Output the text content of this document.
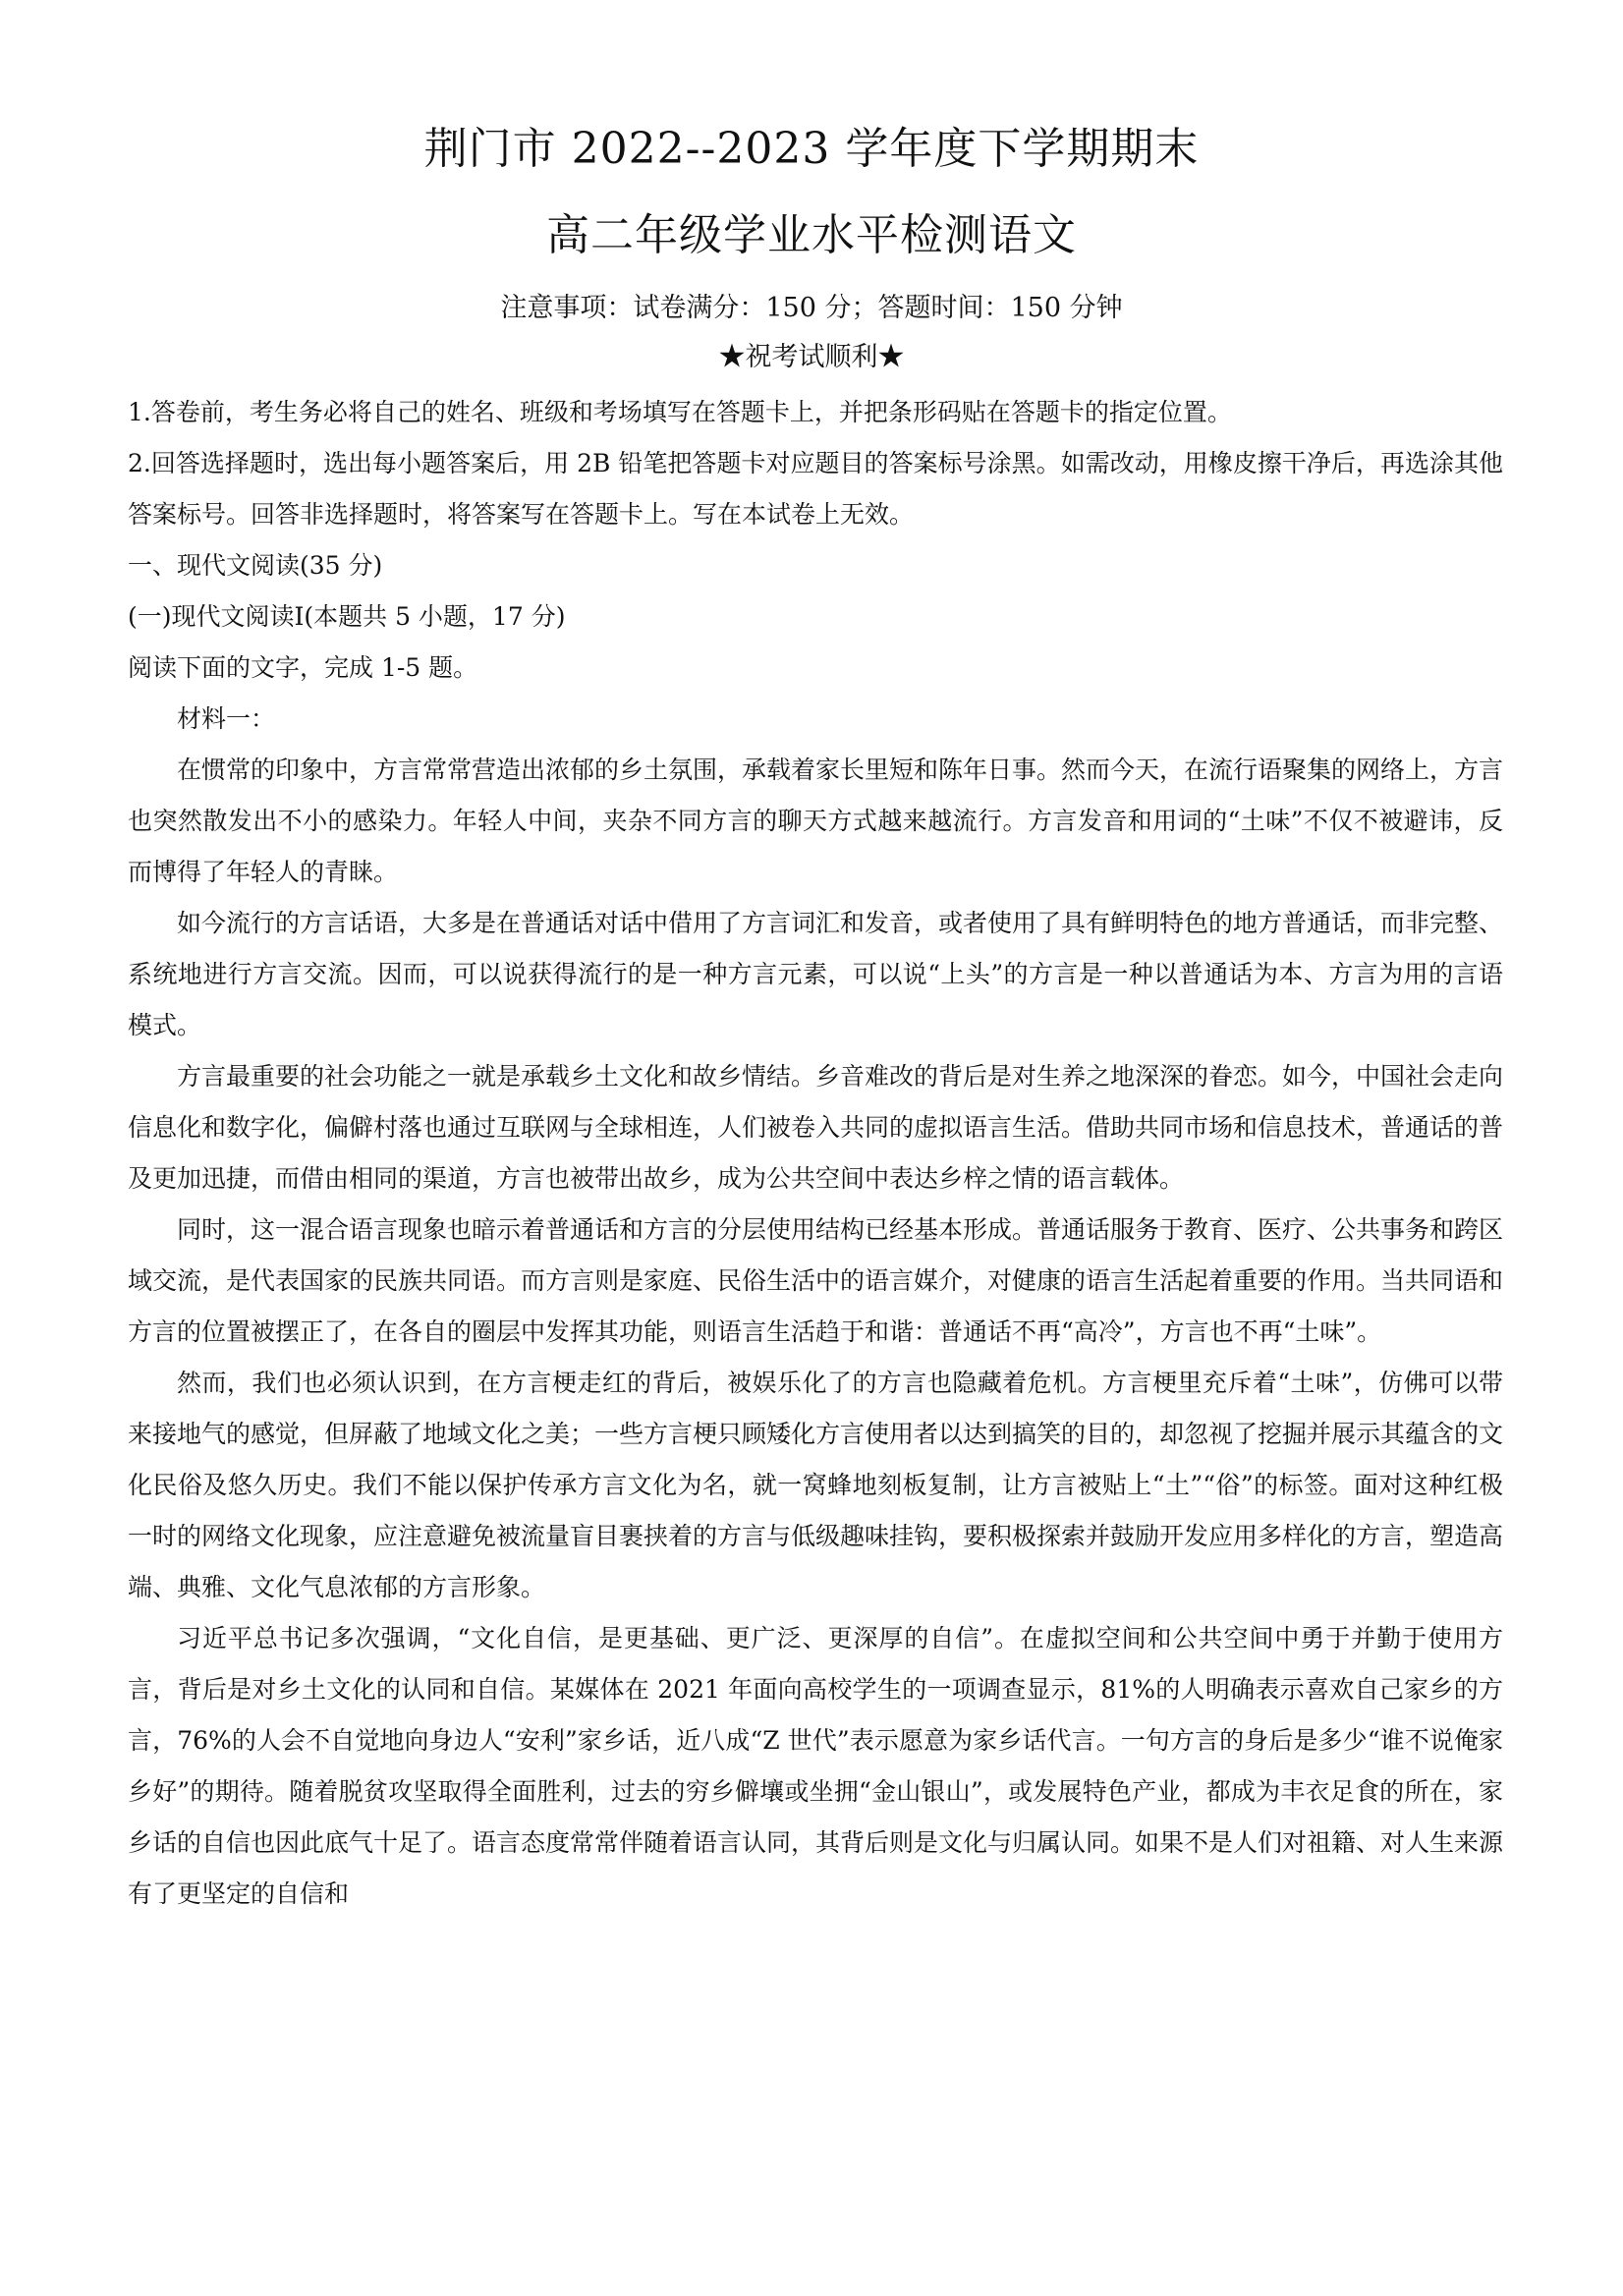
荆门市 2022--2023 学年度下学期期末
高二年级学业水平检测语文
注意事项：试卷满分：150 分；答题时间：150 分钟
★祝考试顺利★

1.答卷前，考生务必将自己的姓名、班级和考场填写在答题卡上，并把条形码贴在答题卡的指定位置。

2.回答选择题时，选出每小题答案后，用 2B 铅笔把答题卡对应题目的答案标号涂黑。如需改动，用橡皮擦干净后，再选涂其他答案标号。回答非选择题时，将答案写在答题卡上。写在本试卷上无效。

一、现代文阅读(35 分)

(一)现代文阅读Ⅰ(本题共 5 小题，17 分)

阅读下面的文字，完成 1-5 题。

材料一：

在惯常的印象中，方言常常营造出浓郁的乡土氛围，承载着家长里短和陈年日事。然而今天，在流行语聚集的网络上，方言也突然散发出不小的感染力。年轻人中间，夹杂不同方言的聊天方式越来越流行。方言发音和用词的“土味”不仅不被避讳，反而博得了年轻人的青睐。

如今流行的方言话语，大多是在普通话对话中借用了方言词汇和发音，或者使用了具有鲜明特色的地方普通话，而非完整、系统地进行方言交流。因而，可以说获得流行的是一种方言元素，可以说“上头”的方言是一种以普通话为本、方言为用的言语模式。

方言最重要的社会功能之一就是承载乡土文化和故乡情结。乡音难改的背后是对生养之地深深的眷恋。如今，中国社会走向信息化和数字化，偏僻村落也通过互联网与全球相连，人们被卷入共同的虚拟语言生活。借助共同市场和信息技术，普通话的普及更加迅捷，而借由相同的渠道，方言也被带出故乡，成为公共空间中表达乡梓之情的语言载体。

同时，这一混合语言现象也暗示着普通话和方言的分层使用结构已经基本形成。普通话服务于教育、医疗、公共事务和跨区域交流，是代表国家的民族共同语。而方言则是家庭、民俗生活中的语言媒介，对健康的语言生活起着重要的作用。当共同语和方言的位置被摆正了，在各自的圈层中发挥其功能，则语言生活趋于和谐：普通话不再“高冷”，方言也不再“土味”。

然而，我们也必须认识到，在方言梗走红的背后，被娱乐化了的方言也隐藏着危机。方言梗里充斥着“土味”，仿佛可以带来接地气的感觉，但屏蔽了地域文化之美；一些方言梗只顾矮化方言使用者以达到搞笑的目的，却忽视了挖掘并展示其蕴含的文化民俗及悠久历史。我们不能以保护传承方言文化为名，就一窝蜂地刻板复制，让方言被贴上“土”“俗”的标签。面对这种红极一时的网络文化现象，应注意避免被流量盲目裹挟着的方言与低级趣味挂钩，要积极探索并鼓励开发应用多样化的方言，塑造高端、典雅、文化气息浓郁的方言形象。

习近平总书记多次强调，“文化自信，是更基础、更广泛、更深厚的自信”。在虚拟空间和公共空间中勇于并勤于使用方言，背后是对乡土文化的认同和自信。某媒体在 2021 年面向高校学生的一项调查显示，81%的人明确表示喜欢自己家乡的方言，76%的人会不自觉地向身边人“安利”家乡话，近八成“Z 世代”表示愿意为家乡话代言。一句方言的身后是多少“谁不说俺家乡好”的期待。随着脱贫攻坚取得全面胜利，过去的穷乡僻壤或坐拥“金山银山”，或发展特色产业，都成为丰衣足食的所在，家乡话的自信也因此底气十足了。语言态度常常伴随着语言认同，其背后则是文化与归属认同。如果不是人们对祖籍、对人生来源有了更坚定的自信和
